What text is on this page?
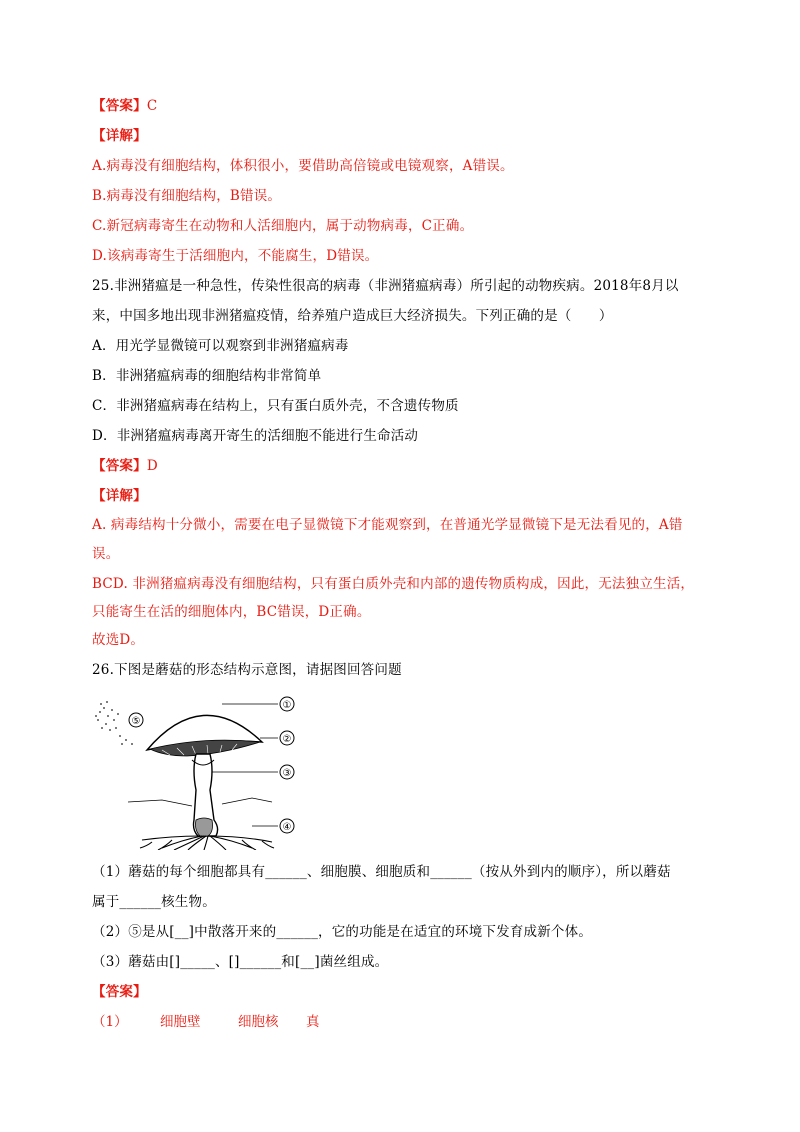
【答案】C
【详解】
A.病毒没有细胞结构，体积很小，要借助高倍镜或电镜观察，A错误。
B.病毒没有细胞结构，B错误。
C.新冠病毒寄生在动物和人活细胞内，属于动物病毒，C正确。
D.该病毒寄生于活细胞内，不能腐生，D错误。
25.非洲猪瘟是一种急性，传染性很高的病毒（非洲猪瘟病毒）所引起的动物疾病。2018年8月以
来，中国多地出现非洲猪瘟疫情，给养殖户造成巨大经济损失。下列正确的是（　　）
A．用光学显微镜可以观察到非洲猪瘟病毒
B．非洲猪瘟病毒的细胞结构非常简单
C．非洲猪瘟病毒在结构上，只有蛋白质外壳，不含遗传物质
D．非洲猪瘟病毒离开寄生的活细胞不能进行生命活动
【答案】D
【详解】
A. 病毒结构十分微小，需要在电子显微镜下才能观察到，在普通光学显微镜下是无法看见的，A错
误。
BCD. 非洲猪瘟病毒没有细胞结构，只有蛋白质外壳和内部的遗传物质构成，因此，无法独立生活，
只能寄生在活的细胞体内，BC错误，D正确。
故选D。
26.下图是蘑菇的形态结构示意图，请据图回答问题
⑤
①
②
③
④
（1）蘑菇的每个细胞都具有______、细胞膜、细胞质和______（按从外到内的顺序），所以蘑菇
属于______核生物。
（2）⑤是从[__]中散落开来的______，它的功能是在适宜的环境下发育成新个体。
（3）蘑菇由[]_____、[]______和[__]菌丝组成。
【答案】
（1） 细胞壁	细胞核 真
